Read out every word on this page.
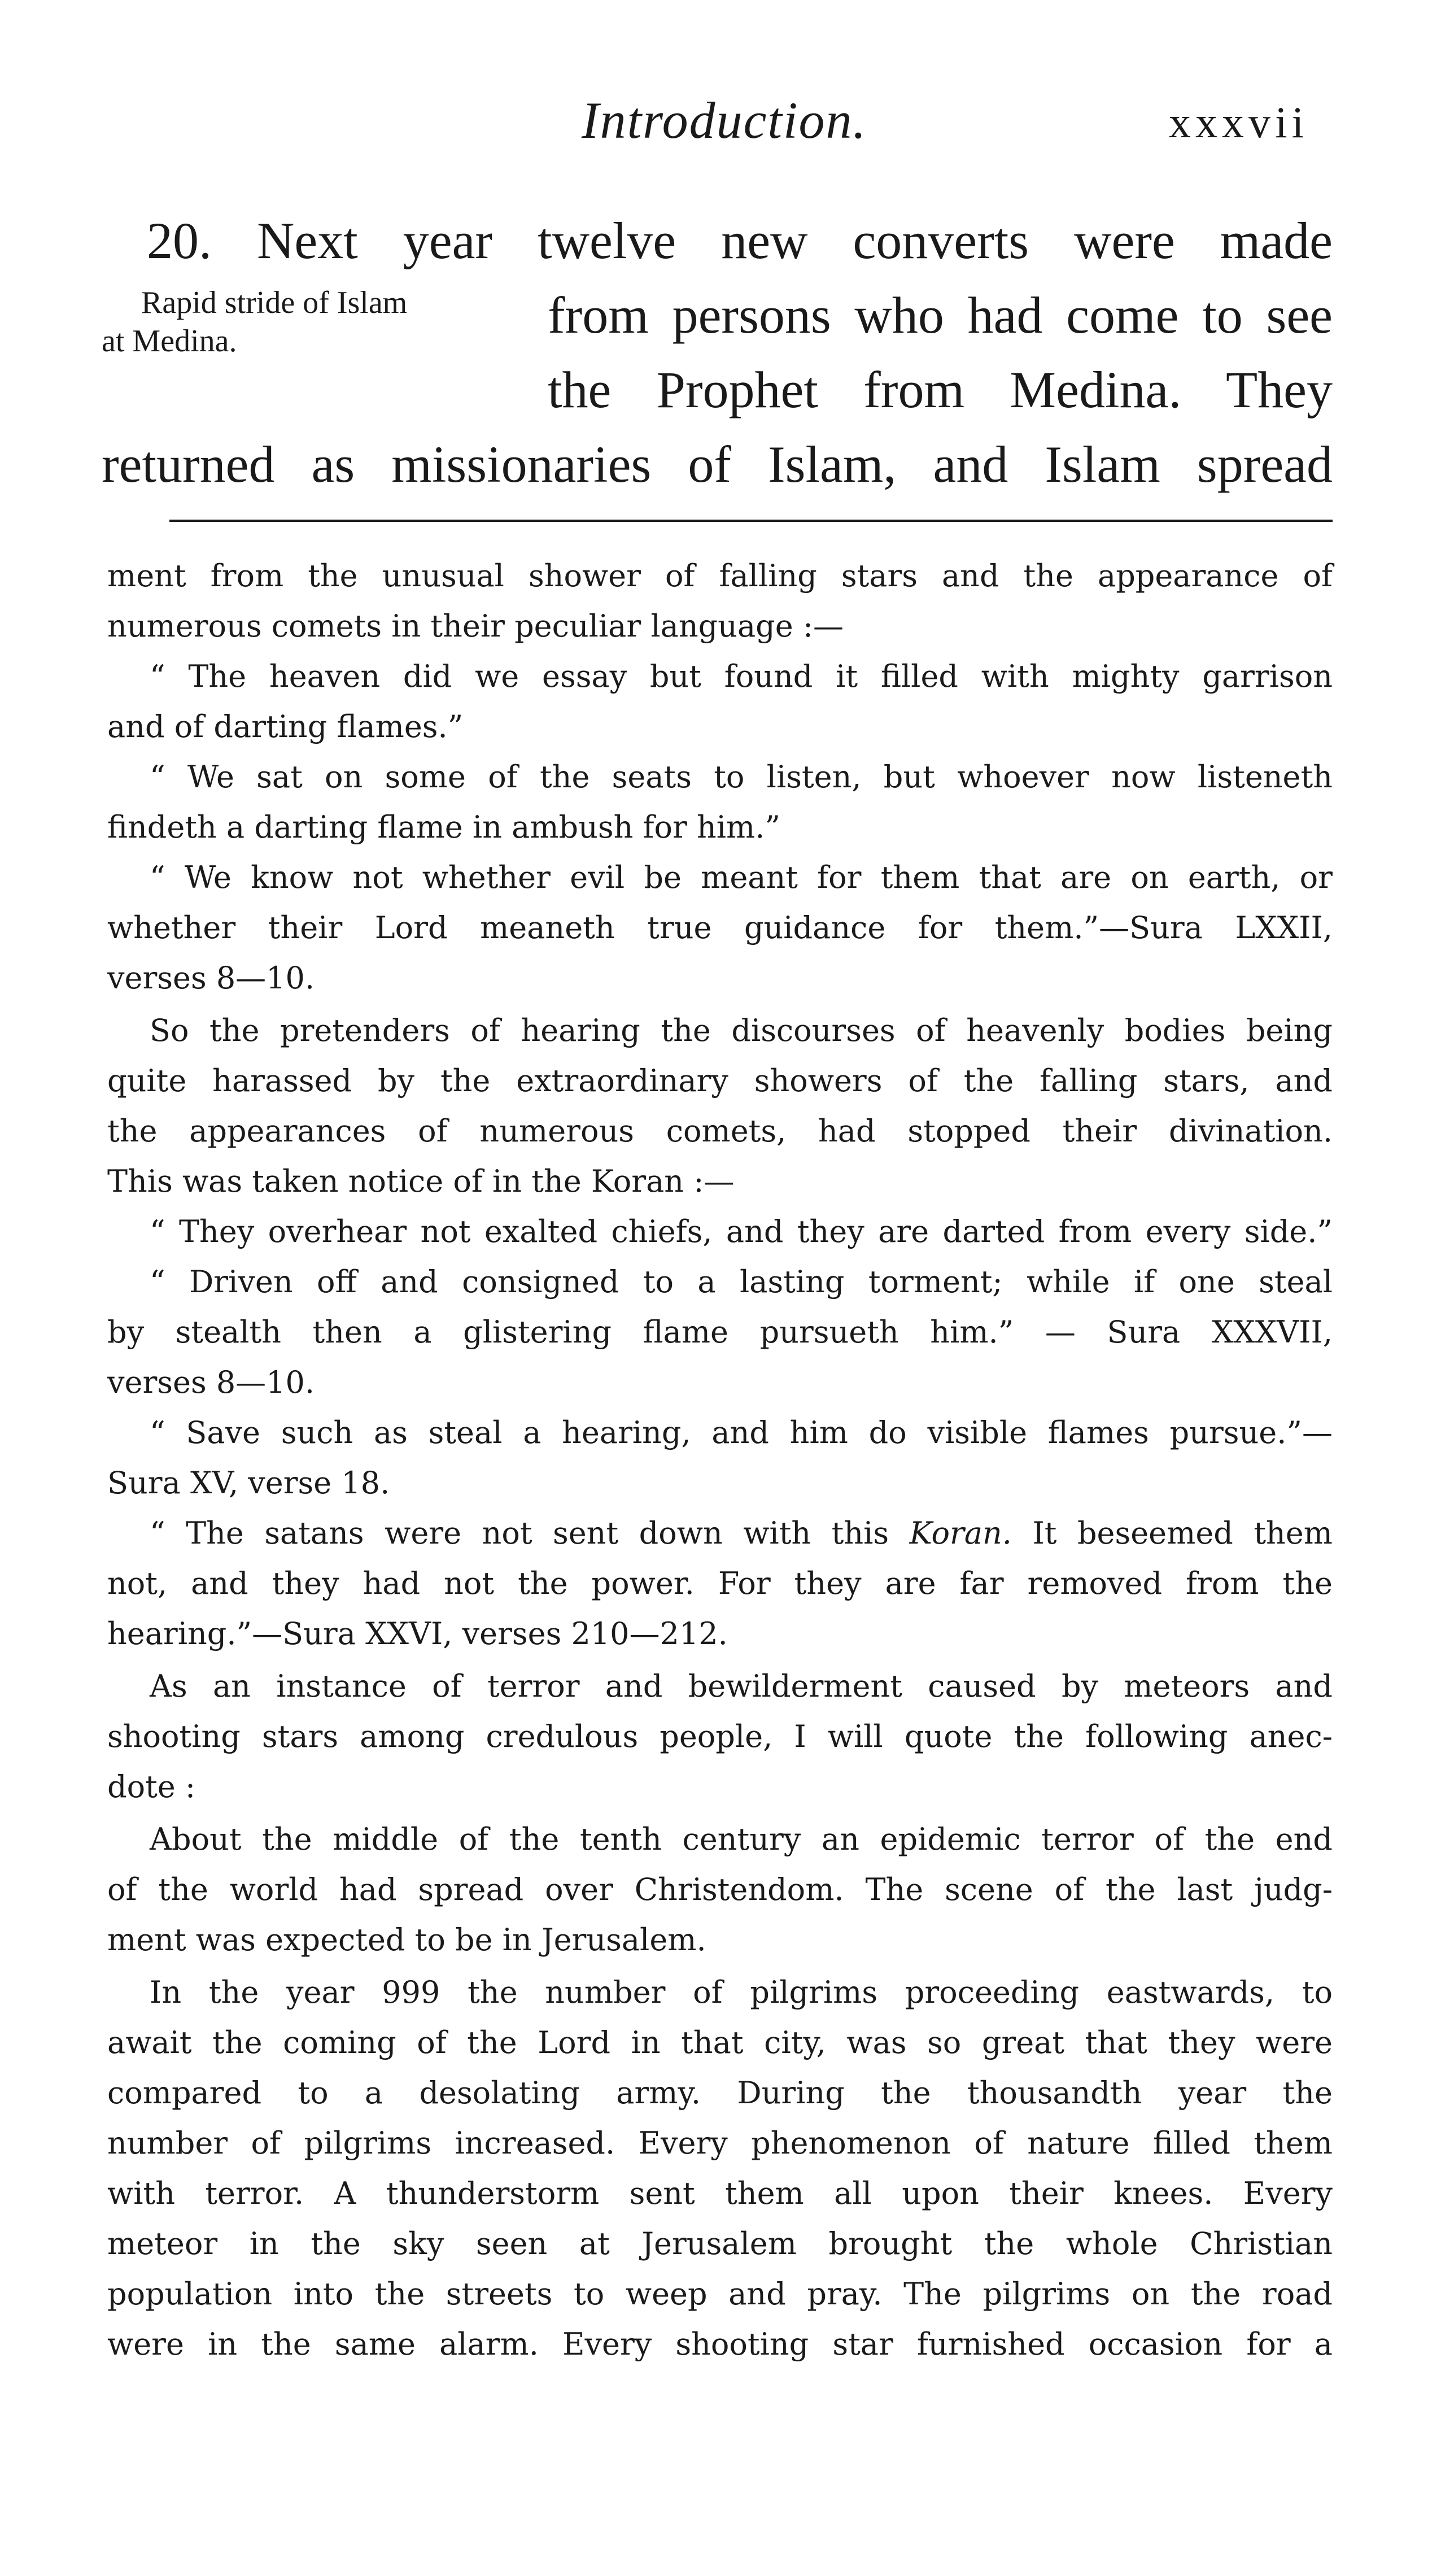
Introduction.	xxxvii
20. Next year twelve new converts were made
Rapid stride of Islam
at Medina.	from persons who had come to see
the Prophet from Medina. They
returned as missionaries of Islam, and Islam spread
ment from the unusual shower of falling stars and the appearance of
numerous comets in their peculiar language :—
“ The heaven did we essay but found it filled with mighty garrison
and of darting flames.”
“ We sat on some of the seats to listen, but whoever now listeneth
findeth a darting flame in ambush for him.”
“ We know not whether evil be meant for them that are on earth, or
whether their Lord meaneth true guidance for them.”—Sura LXXII,
verses 8—10.
So the pretenders of hearing the discourses of heavenly bodies being
quite harassed by the extraordinary showers of the falling stars, and
the appearances of numerous comets, had stopped their divination.
This was taken notice of in the Koran :—
“ They overhear not exalted chiefs, and they are darted from every side.”
“ Driven off and consigned to a lasting torment; while if one steal
by stealth then a glistering flame pursueth him.” — Sura XXXVII,
verses 8—10.
“ Save such as steal a hearing, and him do visible flames pursue.”—
Sura XV, verse 18.
“ The satans were not sent down with this Koran. It beseemed them
not, and they had not the power. For they are far removed from the
hearing.”—Sura XXVI, verses 210—212.
As an instance of terror and bewilderment caused by meteors and
shooting stars among credulous people, I will quote the following anec-
dote :
About the middle of the tenth century an epidemic terror of the end
of the world had spread over Christendom. The scene of the last judg-
ment was expected to be in Jerusalem.
In the year 999 the number of pilgrims proceeding eastwards, to
await the coming of the Lord in that city, was so great that they were
compared to a desolating army. During the thousandth year the
number of pilgrims increased. Every phenomenon of nature filled them
with terror. A thunderstorm sent them all upon their knees. Every
meteor in the sky seen at Jerusalem brought the whole Christian
population into the streets to weep and pray. The pilgrims on the road
were in the same alarm. Every shooting star furnished occasion for a
